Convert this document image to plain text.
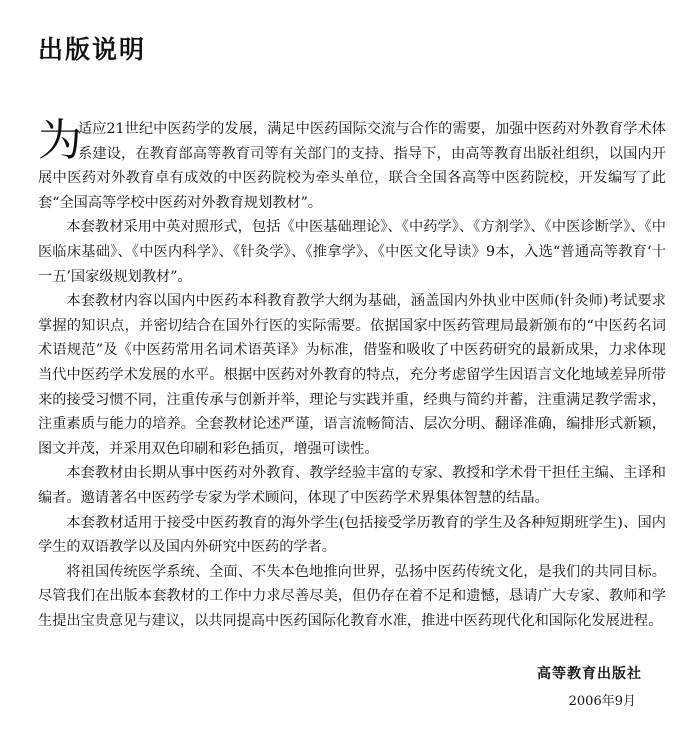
出版说明

为
适应21世纪中医药学的发展，满足中医药国际交流与合作的需要，加强中医药对外教育学术体系建设，在教育部高等教育司等有关部门的支持、指导下，由高等教育出版社组织，以国内开展中医药对外教育卓有成效的中医药院校为牵头单位，联合全国各高等中医药院校，开发编写了此套“全国高等学校中医药对外教育规划教材”。

本套教材采用中英对照形式，包括《中医基础理论》、《中药学》、《方剂学》、《中医诊断学》、《中医临床基础》、《中医内科学》、《针灸学》、《推拿学》、《中医文化导读》9本，入选“普通高等教育‘十一五’国家级规划教材”。

本套教材内容以国内中医药本科教育教学大纲为基础，涵盖国内外执业中医师(针灸师)考试要求掌握的知识点，并密切结合在国外行医的实际需要。依据国家中医药管理局最新颁布的“中医药名词术语规范”及《中医药常用名词术语英译》为标准，借鉴和吸收了中医药研究的最新成果，力求体现当代中医药学术发展的水平。根据中医药对外教育的特点，充分考虑留学生因语言文化地域差异所带来的接受习惯不同，注重传承与创新并举，理论与实践并重，经典与简约并蓄，注重满足教学需求，注重素质与能力的培养。全套教材论述严谨，语言流畅简洁、层次分明、翻译准确，编排形式新颖，图文并茂，并采用双色印刷和彩色插页，增强可读性。

本套教材由长期从事中医药对外教育、教学经验丰富的专家、教授和学术骨干担任主编、主译和编者。邀请著名中医药学专家为学术顾问，体现了中医药学术界集体智慧的结晶。

本套教材适用于接受中医药教育的海外学生(包括接受学历教育的学生及各种短期班学生)、国内学生的双语教学以及国内外研究中医药的学者。

将祖国传统医学系统、全面、不失本色地推向世界，弘扬中医药传统文化，是我们的共同目标。尽管我们在出版本套教材的工作中力求尽善尽美，但仍存在着不足和遗憾，恳请广大专家、教师和学生提出宝贵意见与建议，以共同提高中医药国际化教育水准，推进中医药现代化和国际化发展进程。

高等教育出版社
2006年9月
